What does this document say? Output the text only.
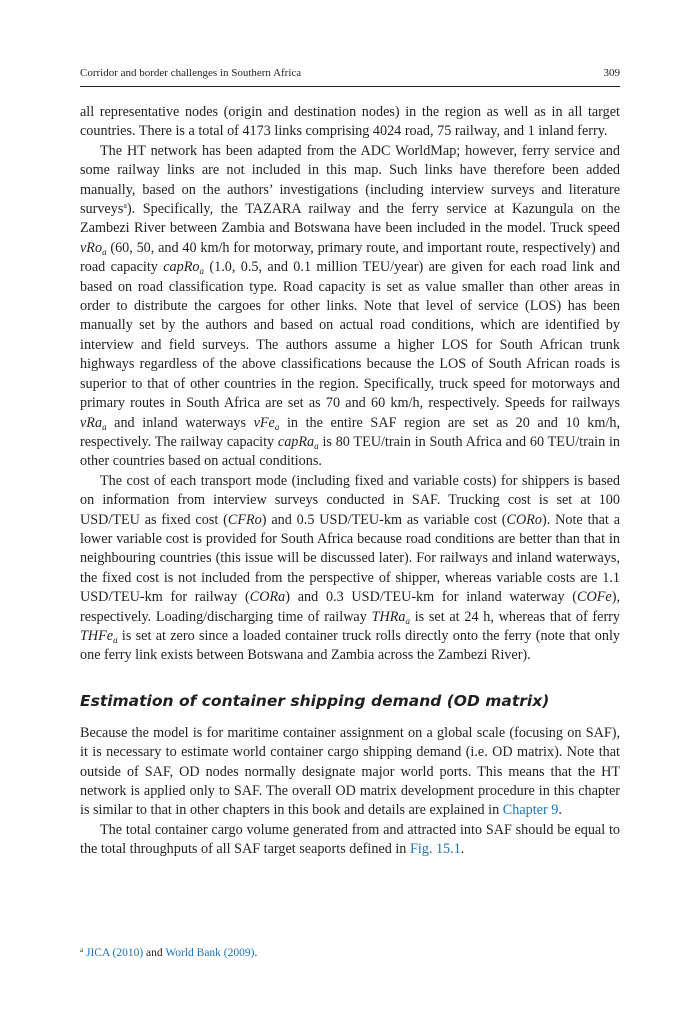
Corridor and border challenges in Southern Africa	309

all representative nodes (origin and destination nodes) in the region as well as in all target countries. There is a total of 4173 links comprising 4024 road, 75 railway, and 1 inland ferry.

The HT network has been adapted from the ADC WorldMap; however, ferry service and some railway links are not included in this map. Such links have therefore been added manually, based on the authors’ investigations (including interview surveys and literature surveys$^a$). Specifically, the TAZARA railway and the ferry service at Kazungula on the Zambezi River between Zambia and Botswana have been included in the model. Truck speed vRo$_a$ (60, 50, and 40 km/h for motorway, primary route, and important route, respectively) and road capacity capRo$_a$ (1.0, 0.5, and 0.1 million TEU/year) are given for each road link and based on road classification type. Road capacity is set as value smaller than other areas in order to distribute the cargoes for other links. Note that level of service (LOS) has been manually set by the authors and based on actual road conditions, which are identified by interview and field surveys. The authors assume a higher LOS for South African trunk highways regardless of the above classifications because the LOS of South African roads is superior to that of other countries in the region. Specifically, truck speed for motorways and primary routes in South Africa are set as 70 and 60 km/h, respectively. Speeds for railways vRa$_a$ and inland waterways vFe$_a$ in the entire SAF region are set as 20 and 10 km/h, respectively. The railway capacity capRa$_a$ is 80 TEU/train in South Africa and 60 TEU/train in other countries based on actual conditions.

The cost of each transport mode (including fixed and variable costs) for shippers is based on information from interview surveys conducted in SAF. Trucking cost is set at 100 USD/TEU as fixed cost (CFRo) and 0.5 USD/TEU-km as variable cost (CORo). Note that a lower variable cost is provided for South Africa because road conditions are better than that in neighbouring countries (this issue will be discussed later). For railways and inland waterways, the fixed cost is not included from the perspective of shipper, whereas variable costs are 1.1 USD/TEU-km for railway (CORa) and 0.3 USD/TEU-km for inland waterway (COFe), respectively. Loading/discharging time of railway THRa$_a$ is set at 24 h, whereas that of ferry THFe$_a$ is set at zero since a loaded container truck rolls directly onto the ferry (note that only one ferry link exists between Botswana and Zambia across the Zambezi River).

Estimation of container shipping demand (OD matrix)

Because the model is for maritime container assignment on a global scale (focusing on SAF), it is necessary to estimate world container cargo shipping demand (i.e. OD matrix). Note that outside of SAF, OD nodes normally designate major world ports. This means that the HT network is applied only to SAF. The overall OD matrix development procedure in this chapter is similar to that in other chapters in this book and details are explained in Chapter 9.

The total container cargo volume generated from and attracted into SAF should be equal to the total throughputs of all SAF target seaports defined in Fig. 15.1.

$^a$ JICA (2010) and World Bank (2009).
